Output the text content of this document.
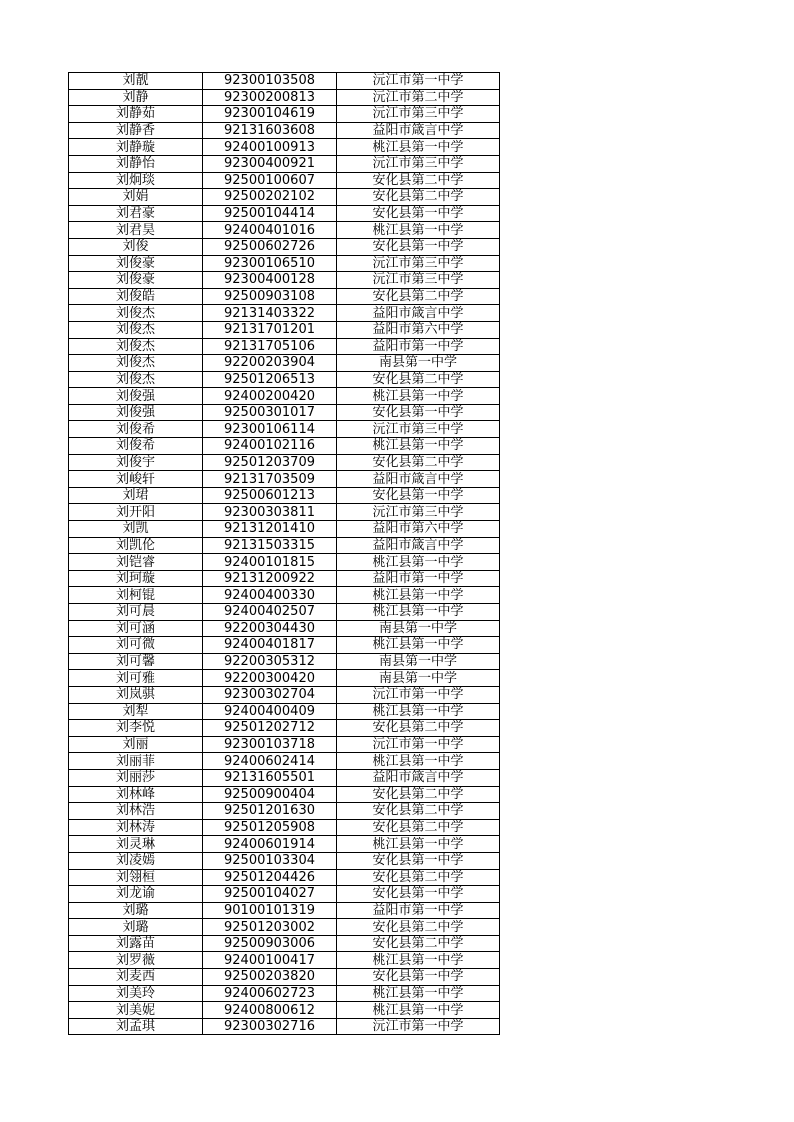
刘靓	92300103508	沅江市第一中学
刘静	92300200813	沅江市第二中学
刘静茹	92300104619	沅江市第三中学
刘静香	92131603608	益阳市箴言中学
刘静璇	92400100913	桃江县第一中学
刘静怡	92300400921	沅江市第三中学
刘炯琰	92500100607	安化县第二中学
刘娟	92500202102	安化县第二中学
刘君豪	92500104414	安化县第一中学
刘君昊	92400401016	桃江县第一中学
刘俊	92500602726	安化县第一中学
刘俊豪	92300106510	沅江市第三中学
刘俊豪	92300400128	沅江市第三中学
刘俊皓	92500903108	安化县第二中学
刘俊杰	92131403322	益阳市箴言中学
刘俊杰	92131701201	益阳市第六中学
刘俊杰	92131705106	益阳市第一中学
刘俊杰	92200203904	南县第一中学
刘俊杰	92501206513	安化县第二中学
刘俊强	92400200420	桃江县第一中学
刘俊强	92500301017	安化县第一中学
刘俊希	92300106114	沅江市第三中学
刘俊希	92400102116	桃江县第一中学
刘俊宇	92501203709	安化县第二中学
刘峻轩	92131703509	益阳市箴言中学
刘珺	92500601213	安化县第一中学
刘开阳	92300303811	沅江市第三中学
刘凯	92131201410	益阳市第六中学
刘凯伦	92131503315	益阳市箴言中学
刘铠睿	92400101815	桃江县第一中学
刘珂璇	92131200922	益阳市第一中学
刘柯锟	92400400330	桃江县第一中学
刘可晨	92400402507	桃江县第一中学
刘可涵	92200304430	南县第一中学
刘可微	92400401817	桃江县第一中学
刘可馨	92200305312	南县第一中学
刘可雅	92200300420	南县第一中学
刘岚骐	92300302704	沅江市第一中学
刘犁	92400400409	桃江县第一中学
刘李悦	92501202712	安化县第二中学
刘丽	92300103718	沅江市第一中学
刘丽菲	92400602414	桃江县第一中学
刘丽莎	92131605501	益阳市箴言中学
刘林峰	92500900404	安化县第二中学
刘林浩	92501201630	安化县第二中学
刘林涛	92501205908	安化县第二中学
刘灵琳	92400601914	桃江县第一中学
刘凌嫣	92500103304	安化县第一中学
刘翎桓	92501204426	安化县第二中学
刘龙谕	92500104027	安化县第一中学
刘璐	90100101319	益阳市第一中学
刘璐	92501203002	安化县第二中学
刘露苗	92500903006	安化县第二中学
刘罗薇	92400100417	桃江县第一中学
刘麦西	92500203820	安化县第一中学
刘美玲	92400602723	桃江县第一中学
刘美妮	92400800612	桃江县第一中学
刘孟琪	92300302716	沅江市第一中学
